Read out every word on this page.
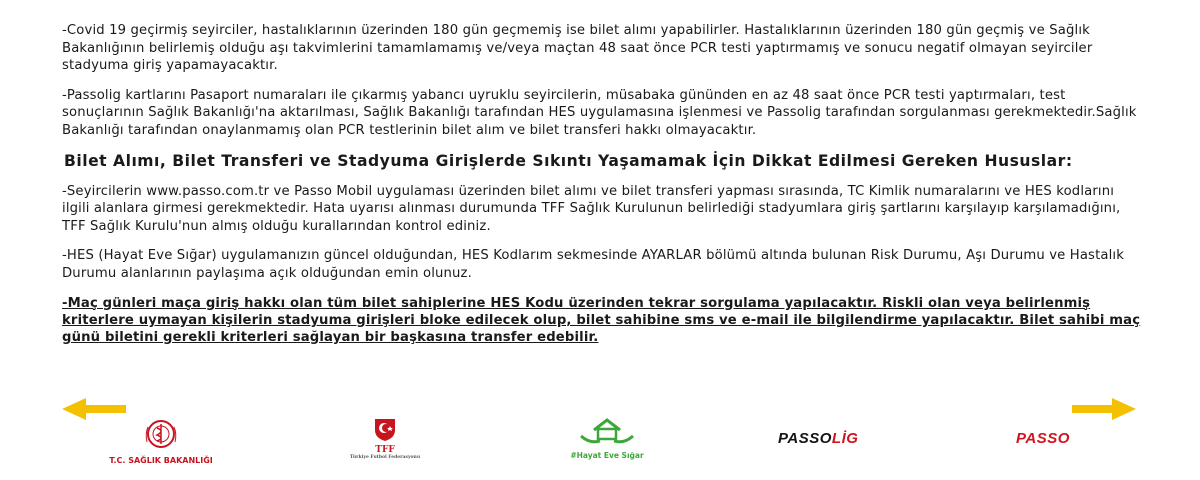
-Covid 19 geçirmiş seyirciler, hastalıklarının üzerinden 180 gün geçmemiş ise bilet alımı yapabilirler. Hastalıklarının üzerinden 180 gün geçmiş ve Sağlık Bakanlığının belirlemiş olduğu aşı takvimlerini tamamlamamış ve/veya maçtan 48 saat önce PCR testi yaptırmamış ve sonucu negatif olmayan seyirciler stadyuma giriş yapamayacaktır.

-Passolig kartlarını Pasaport numaraları ile çıkarmış yabancı uyruklu seyircilerin, müsabaka gününden en az 48 saat önce PCR testi yaptırmaları, test sonuçlarının Sağlık Bakanlığı'na aktarılması, Sağlık Bakanlığı tarafından HES uygulamasına işlenmesi ve Passolig tarafından sorgulanması gerekmektedir.Sağlık Bakanlığı tarafından onaylanmamış olan PCR testlerinin bilet alım ve bilet transferi hakkı olmayacaktır.

Bilet Alımı, Bilet Transferi ve Stadyuma Girişlerde Sıkıntı Yaşamamak İçin Dikkat Edilmesi Gereken Hususlar:

-Seyircilerin www.passo.com.tr ve Passo Mobil uygulaması üzerinden bilet alımı ve bilet transferi yapması sırasında, TC Kimlik numaralarını ve HES kodlarını ilgili alanlara girmesi gerekmektedir. Hata uyarısı alınması durumunda TFF Sağlık Kurulunun belirlediği stadyumlara giriş şartlarını karşılayıp karşılamadığını, TFF Sağlık Kurulu'nun almış olduğu kurallarından kontrol ediniz.

-HES (Hayat Eve Sığar) uygulamanızın güncel olduğundan, HES Kodlarım sekmesinde AYARLAR bölümü altında bulunan Risk Durumu, Aşı Durumu ve Hastalık Durumu alanlarının paylaşıma açık olduğundan emin olunuz.

-Maç günleri maça giriş hakkı olan tüm bilet sahiplerine HES Kodu üzerinden tekrar sorgulama yapılacaktır. Riskli olan veya belirlenmiş kriterlere uymayan kişilerin stadyuma girişleri bloke edilecek olup, bilet sahibine sms ve e-mail ile bilgilendirme yapılacaktır. Bilet sahibi maç günü biletini gerekli kriterleri sağlayan bir başkasına transfer edebilir.

T.C. SAĞLIK BAKANLIĞI
TFF
Türkiye Futbol Federasyonu	#Hayat Eve Sığar
PASSOLİG	PASSO
